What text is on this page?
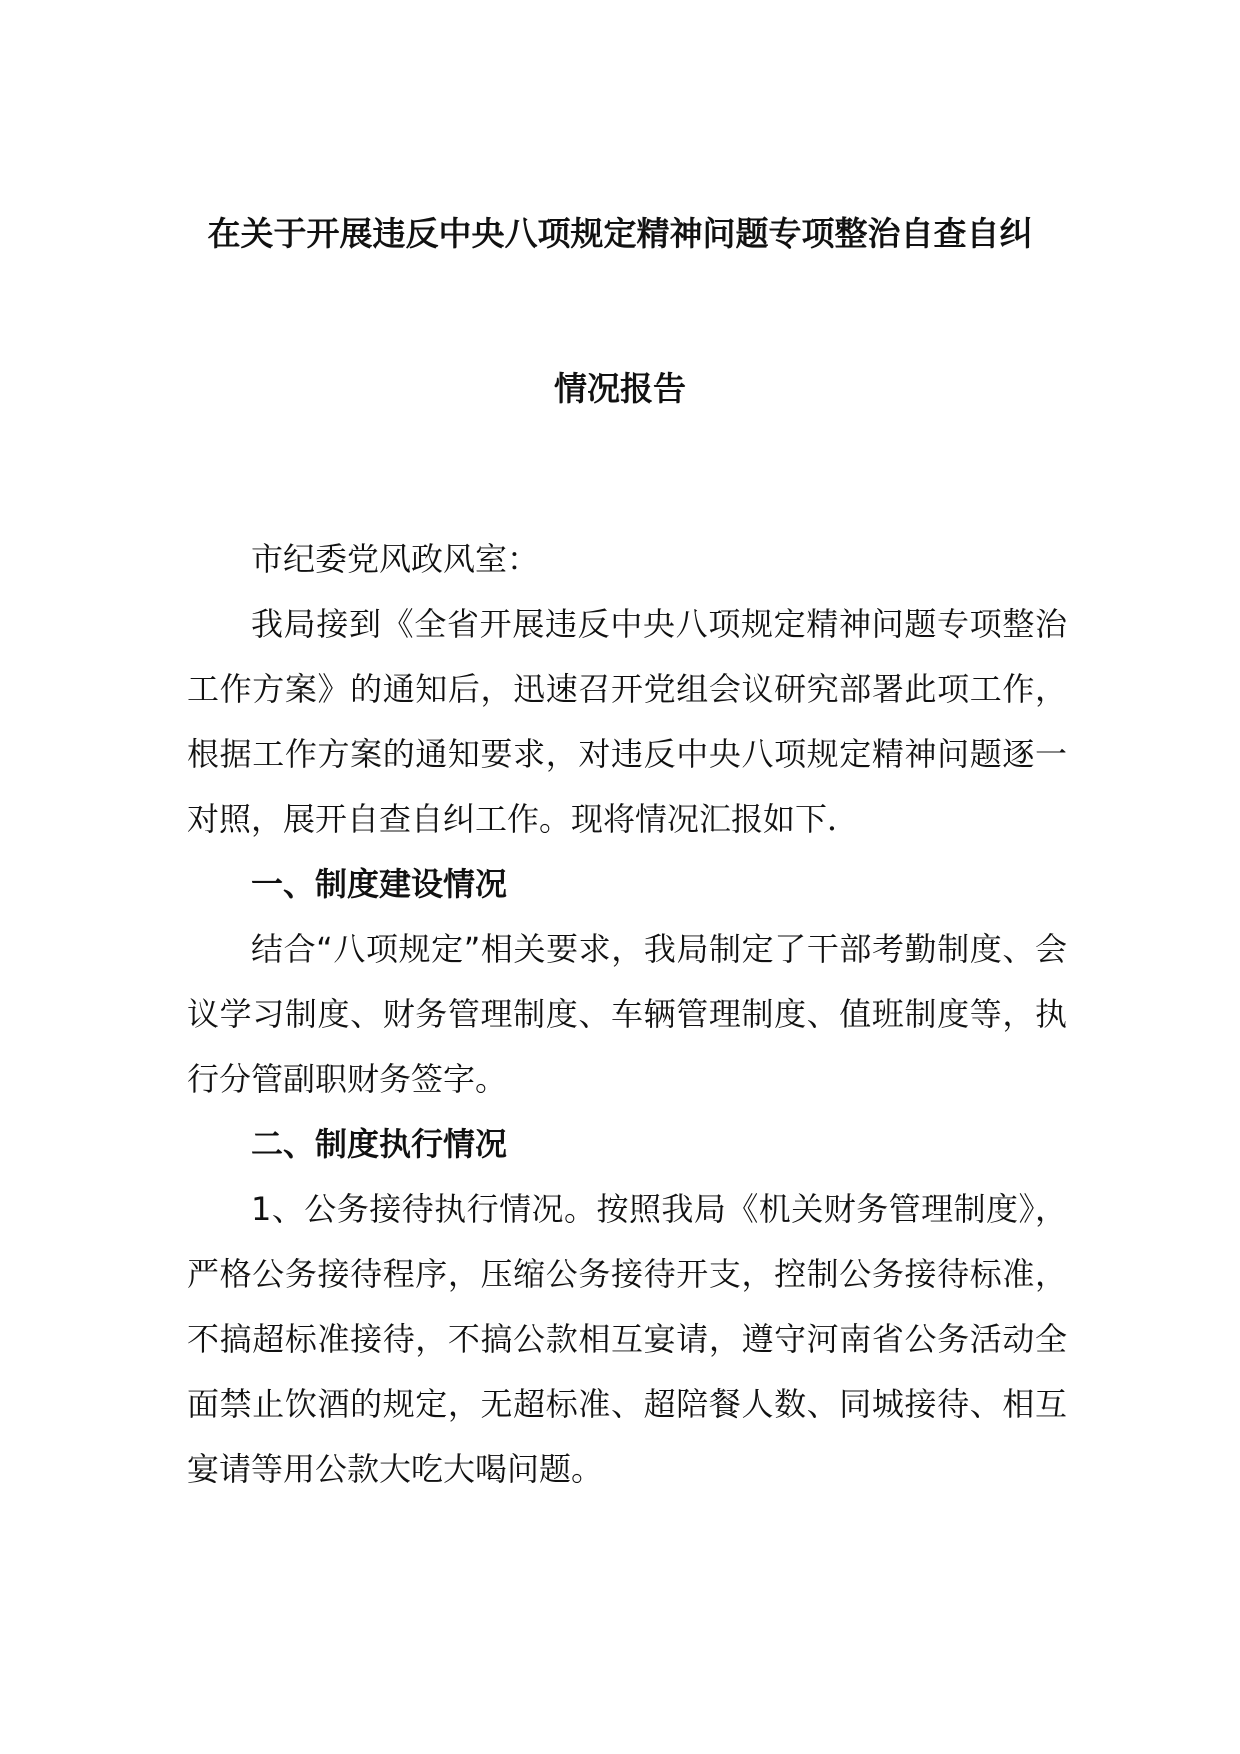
在关于开展违反中央八项规定精神问题专项整治自查自纠
情况报告

市纪委党风政风室：

我局接到《全省开展违反中央八项规定精神问题专项整治工作方案》的通知后，迅速召开党组会议研究部署此项工作，根据工作方案的通知要求，对违反中央八项规定精神问题逐一对照，展开自查自纠工作。现将情况汇报如下．

一、制度建设情况

结合“八项规定”相关要求，我局制定了干部考勤制度、会议学习制度、财务管理制度、车辆管理制度、值班制度等，执行分管副职财务签字。

二、制度执行情况

1、公务接待执行情况。按照我局《机关财务管理制度》，严格公务接待程序，压缩公务接待开支，控制公务接待标准，不搞超标准接待，不搞公款相互宴请，遵守河南省公务活动全面禁止饮酒的规定，无超标准、超陪餐人数、同城接待、相互宴请等用公款大吃大喝问题。
